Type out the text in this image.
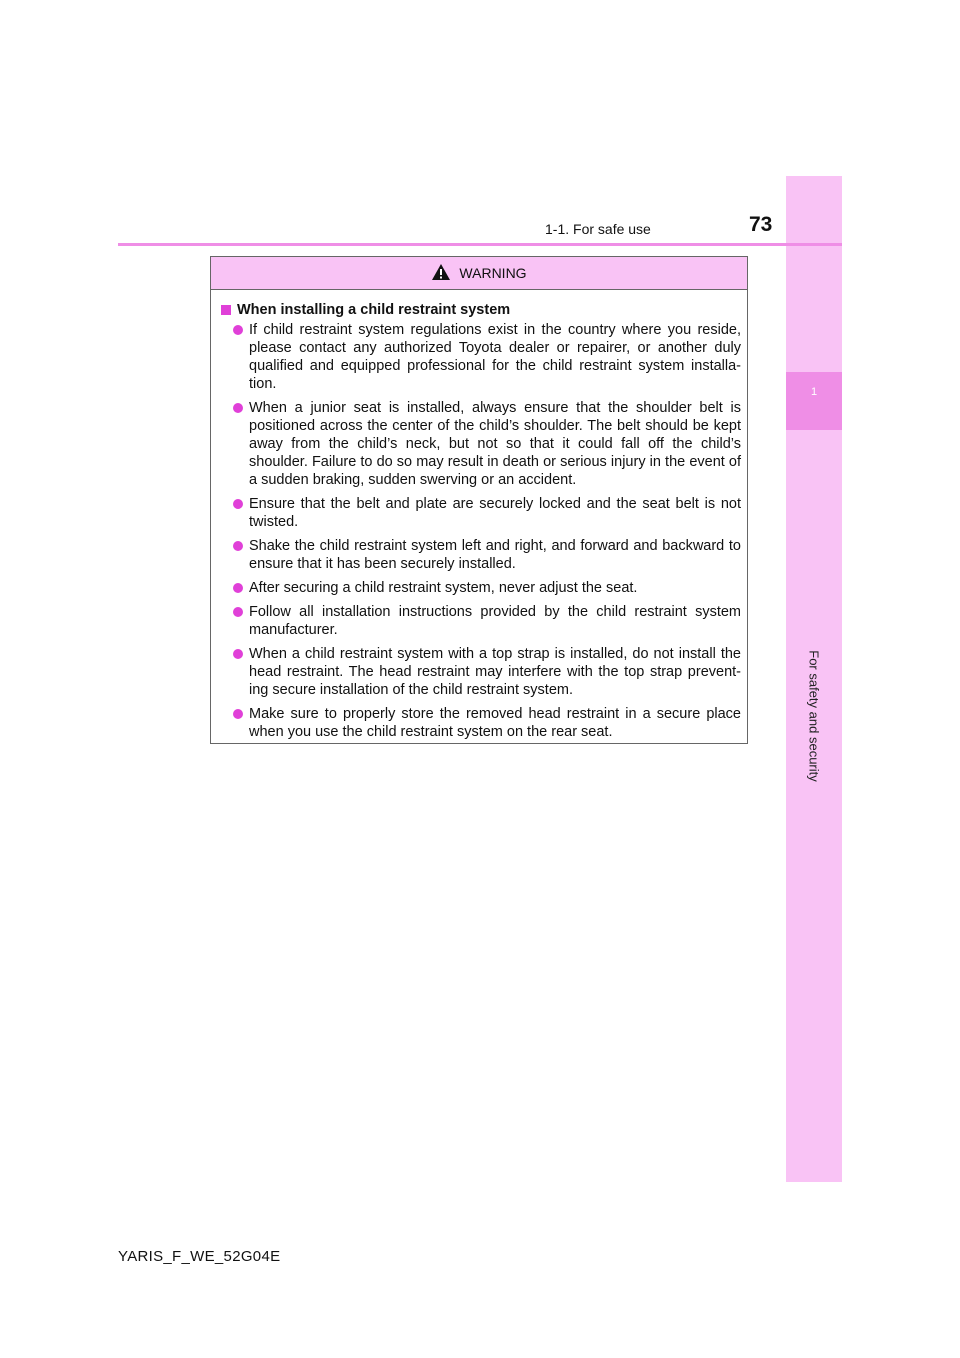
1
For safety and security
1-1. For safe use	73
WARNING
When installing a child restraint system
If child restraint system regulations exist in the country where you reside, please contact any authorized Toyota dealer or repairer, or another duly qualified and equipped professional for the child restraint system installa-tion.
When a junior seat is installed, always ensure that the shoulder belt is positioned across the center of the child’s shoulder. The belt should be kept away from the child’s neck, but not so that it could fall off the child’s shoulder. Failure to do so may result in death or serious injury in the event of a sudden braking, sudden swerving or an accident.
Ensure that the belt and plate are securely locked and the seat belt is not twisted.
Shake the child restraint system left and right, and forward and backward to ensure that it has been securely installed.
After securing a child restraint system, never adjust the seat.
Follow all installation instructions provided by the child restraint system manufacturer.
When a child restraint system with a top strap is installed, do not install the head restraint. The head restraint may interfere with the top strap prevent-ing secure installation of the child restraint system.
Make sure to properly store the removed head restraint in a secure place when you use the child restraint system on the rear seat.
YARIS_F_WE_52G04E
